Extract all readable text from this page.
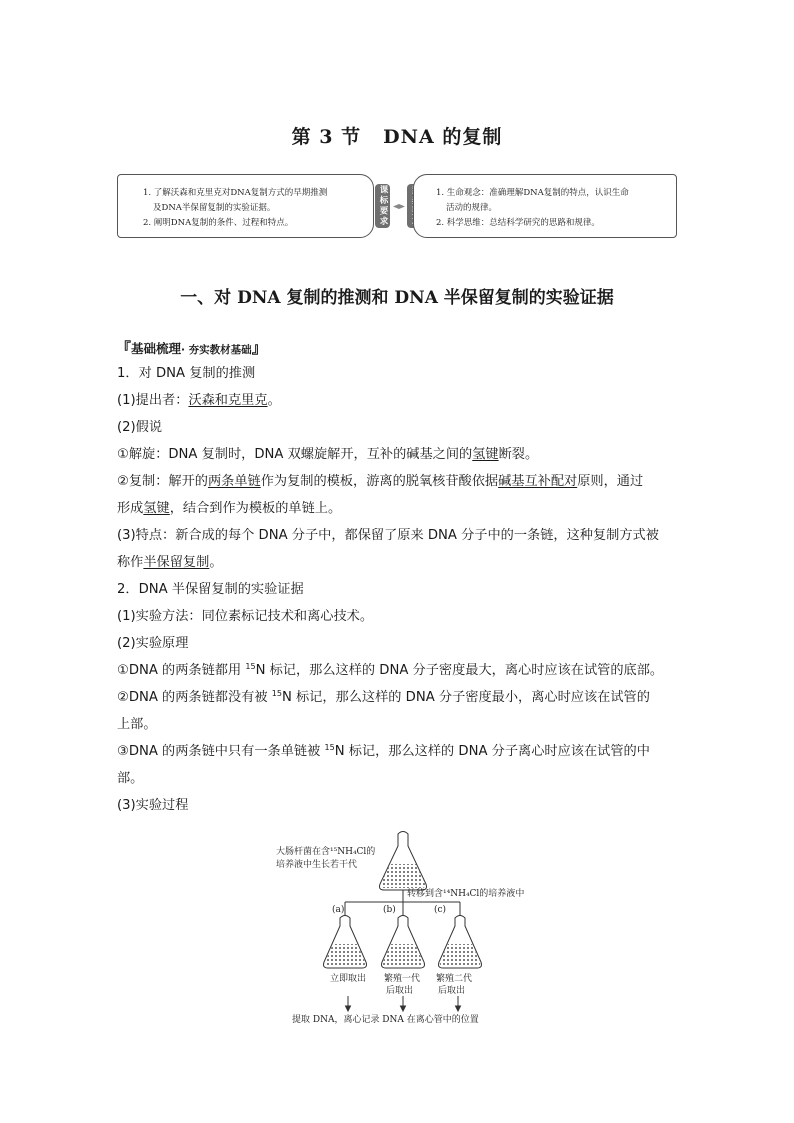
第 3 节 DNA 的复制
1. 了解沃森和克里克对DNA复制方式的早期推测
及DNA半保留复制的实验证据。
2. 阐明DNA复制的条件、过程和特点。	课标要求	1. 生命观念：准确理解DNA复制的特点，认识生命
活动的规律。
2. 科学思维：总结科学研究的思路和规律。
一、对 DNA 复制的推测和 DNA 半保留复制的实验证据
『基础梳理· 夯实教材基础』
1．对 DNA 复制的推测
(1)提出者：沃森和克里克。
(2)假说
①解旋：DNA 复制时，DNA 双螺旋解开，互补的碱基之间的氢键断裂。
②复制：解开的两条单链作为复制的模板，游离的脱氧核苷酸依据碱基互补配对原则，通过
形成氢键，结合到作为模板的单链上。
(3)特点：新合成的每个 DNA 分子中，都保留了原来 DNA 分子中的一条链，这种复制方式被
称作半保留复制。
2．DNA 半保留复制的实验证据
(1)实验方法：同位素标记技术和离心技术。
(2)实验原理
①DNA 的两条链都用 $^{15}$N 标记，那么这样的 DNA 分子密度最大，离心时应该在试管的底部。
②DNA 的两条链都没有被 $^{15}$N 标记，那么这样的 DNA 分子密度最小，离心时应该在试管的
上部。
③DNA 的两条链中只有一条单链被 $^{15}$N 标记，那么这样的 DNA 分子离心时应该在试管的中
部。
(3)实验过程
大肠杆菌在含¹⁵NH₄Cl的
培养液中生长若干代
转移到含¹⁴NH₄Cl的培养液中
(a)	(b)	(c)
立即取出 繁殖一代
后取出
繁殖二代
后取出
提取 DNA，离心记录 DNA 在离心管中的位置
